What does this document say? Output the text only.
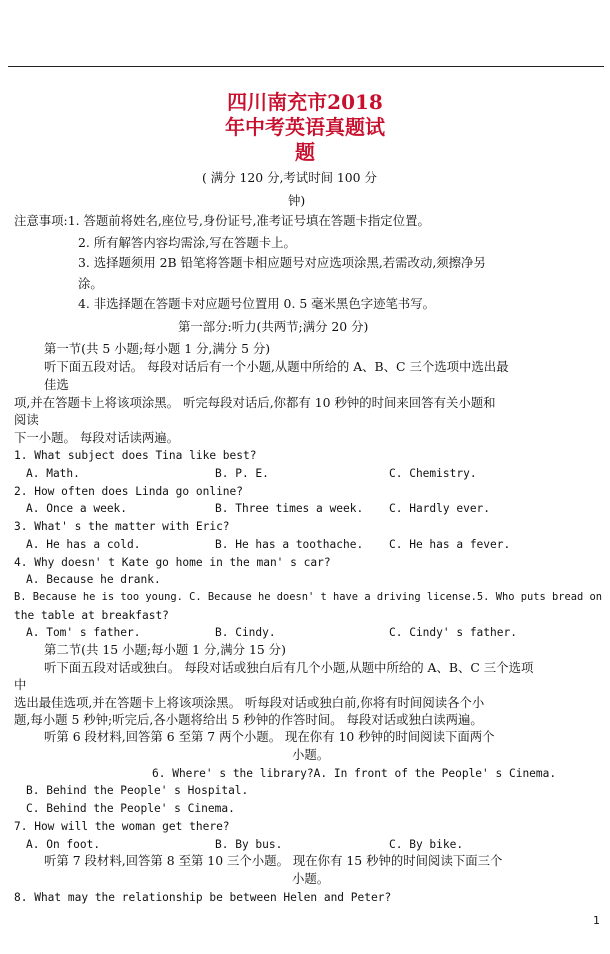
四川南充市2018
年中考英语真题试
题
( 满分 120 分,考试时间 100 分
钟)
注意事项:1. 答题前将姓名,座位号,身份证号,准考证号填在答题卡指定位置。
2. 所有解答内容均需涂,写在答题卡上。
3. 选择题须用 2B 铅笔将答题卡相应题号对应选项涂黑,若需改动,须擦净另
涂。
4. 非选择题在答题卡对应题号位置用 0. 5 毫米黑色字迹笔书写。
第一部分:听力(共两节;满分 20 分)
第一节(共 5 小题;每小题 1 分,满分 5 分)
听下面五段对话。 每段对话后有一个小题,从题中所给的 A、B、C 三个选项中选出最
佳选
项,并在答题卡上将该项涂黑。 听完每段对话后,你都有 10 秒钟的时间来回答有关小题和
阅读
下一小题。 每段对话读两遍。
1. What subject does Tina like best?
A. Math.	B. P. E.	C. Chemistry.
2. How often does Linda go online?
A. Once a week.	B. Three times a week. C. Hardly ever.
3. What' s the matter with Eric?
A. He has a cold.	B. He has a toothache. C. He has a fever.
4. Why doesn' t Kate go home in the man' s car?
A. Because he drank.
B. Because he is too young. C. Because he doesn' t have a driving license.5. Who puts bread on
the table at breakfast?
A. Tom' s father.	B. Cindy.	C. Cindy' s father.
第二节(共 15 小题;每小题 1 分,满分 15 分)
听下面五段对话或独白。 每段对话或独白后有几个小题,从题中所给的 A、B、C 三个选项
中
选出最佳选项,并在答题卡上将该项涂黑。 听每段对话或独白前,你将有时间阅读各个小
题,每小题 5 秒钟;听完后,各小题将给出 5 秒钟的作答时间。 每段对话或独白读两遍。
听第 6 段材料,回答第 6 至第 7 两个小题。 现在你有 10 秒钟的时间阅读下面两个
小题。
6. Where' s the library?A. In front of the People' s Cinema.
B. Behind the People' s Hospital.
C. Behind the People' s Cinema.
7. How will the woman get there?
A. On foot.	B. By bus.	C. By bike.
听第 7 段材料,回答第 8 至第 10 三个小题。 现在你有 15 秒钟的时间阅读下面三个
小题。
8. What may the relationship be between Helen and Peter?
1
